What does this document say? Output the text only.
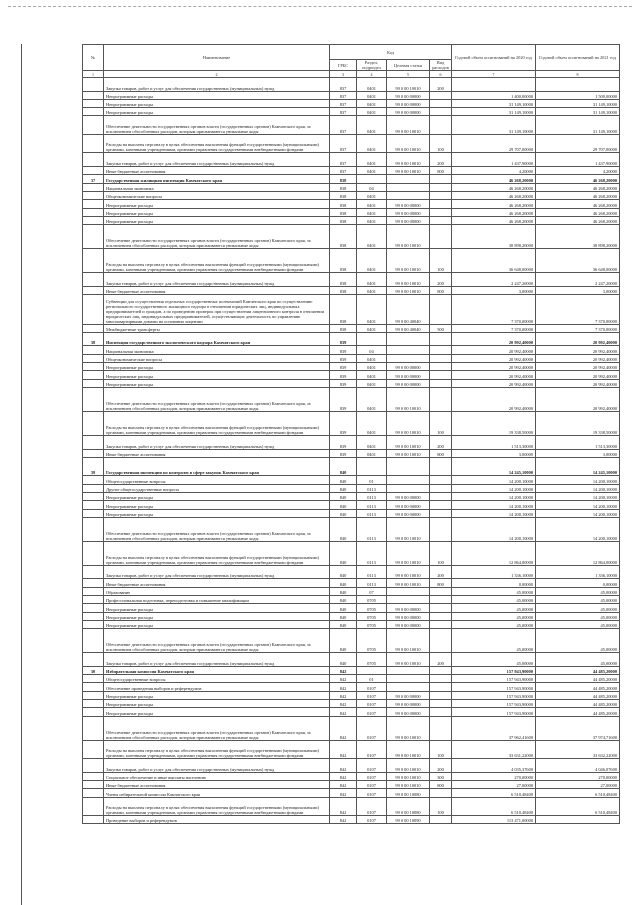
№	Наименование	Код				Годовой объем ассигнований на 2020 год	Годовой объем ассигнований на 2021 год
		ГРБС	Раздел, подраздел	Целевая статья	Вид расходов		
1	2	3	4	5	6	7	8
	Закупка товаров, работ и услуг для обеспечения государственных (муниципальных) нужд	837	0401	99 0 00 10010	200		
	Непрограммные расходы	837	0401	99 0 00 00000		1 400,00000	1 500,00000
	Непрограммные расходы	837	0401	99 0 00 00000		31 149,10000	31 149,10000
	Непрограммные расходы	837	0401	99 0 00 00000		31 149,10000	31 149,10000
	Обеспечение деятельности государственных органов власти (государственных органов) Камчатского края, за исключением обособленных расходов, которым присваиваются уникальные коды	837	0401	99 0 00 10010		31 149,10000	31 149,10000
	Расходы на выплаты персоналу в целях обеспечения выполнения функций государственными (муниципальными) органами, казенными учреждениями, органами управления государственными внебюджетными фондами	837	0401	99 0 00 10010	100	29 707,00000	29 707,00000
	Закупка товаров, работ и услуг для обеспечения государственных (муниципальных) нужд	837	0401	99 0 00 10010	200	1 437,90000	1 437,90000
	Иные бюджетные ассигнования	837	0401	99 0 00 10010	800	4,20000	4,20000
37	Государственная жилищная инспекция Камчатского края	838				46 268,20000	46 268,20000
	Национальная экономика	838	04			46 268,20000	46 268,20000
	Общеэкономические вопросы	838	0401			46 268,20000	46 268,20000
	Непрограммные расходы	838	0401	99 0 00 00000		46 268,20000	46 268,20000
	Непрограммные расходы	838	0401	99 0 00 00000		46 268,20000	46 268,20000
	Непрограммные расходы	838	0401	99 0 00 00000		46 268,20000	46 268,20000
	Обеспечение деятельности государственных органов власти (государственных органов) Камчатского края, за исключением обособленных расходов, которым присваиваются уникальные коды	838	0401	99 0 00 10010		38 898,20000	38 898,20000
	Расходы на выплаты персоналу в целях обеспечения выполнения функций государственными (муниципальными) органами, казенными учреждениями, органами управления государственными внебюджетными фондами	838	0401	99 0 00 10010	100	36 648,00000	36 648,00000
	Закупка товаров, работ и услуг для обеспечения государственных (муниципальных) нужд	838	0401	99 0 00 10010	200	2 247,20000	2 247,20000
	Иные бюджетные ассигнования	838	0401	99 0 00 10010	800	3,00000	3,00000
	Субвенции для осуществления отдельных государственных полномочий Камчатского края по осуществлению регионального государственного жилищного надзора в отношении юридических лиц, индивидуальных предпринимателей и граждан, а по проведению проверок при осуществлении лицензионного контроля в отношении юридических лиц, индивидуальных предпринимателей, осуществляющих деятельность по управлению многоквартирными домами на основании лицензии	838	0401	99 0 00 40040		7 370,00000	7 370,00000
	Межбюджетные трансферты	838	0401	99 0 00 40040	500	7 370,00000	7 370,00000
38	Инспекция государственного экологического надзора Камчатского края	839				20 992,40000	20 992,40000
	Национальная экономика	839	04			20 992,40000	20 992,40000
	Общеэкономические вопросы	839	0401			20 992,40000	20 992,40000
	Непрограммные расходы	839	0401	99 0 00 00000		20 992,40000	20 992,40000
	Непрограммные расходы	839	0401	99 0 00 00000		20 992,40000	20 992,40000
	Непрограммные расходы	839	0401	99 0 00 00000		20 992,40000	20 992,40000
	Обеспечение деятельности государственных органов власти (государственных органов) Камчатского края, за исключением обособленных расходов, которым присваиваются уникальные коды	839	0401	99 0 00 10010		20 992,40000	20 992,40000
	Расходы на выплаты персоналу в целях обеспечения выполнения функций государственными (муниципальными) органами, казенными учреждениями, органами управления государственными внебюджетными фондами	839	0401	99 0 00 10010	100	19 338,50000	19 338,50000
	Закупка товаров, работ и услуг для обеспечения государственных (муниципальных) нужд	839	0401	99 0 00 10010	200	1 513,30000	1 513,30000
	Иные бюджетные ассигнования	839	0401	99 0 00 10010	800	3,00000	3,00000
39	Государственная инспекция по контролю в сфере закупок Камчатского края	840				14 245,10000	14 245,10000
	Общегосударственные вопросы	840	01			14 200,10000	14 200,10000
	Другие общегосударственные вопросы	840	0113			14 200,10000	14 200,10000
	Непрограммные расходы	840	0113	99 0 00 00000		14 200,10000	14 200,10000
	Непрограммные расходы	840	0113	99 0 00 00000		14 200,10000	14 200,10000
	Непрограммные расходы	840	0113	99 0 00 00000		14 200,10000	14 200,10000
	Обеспечение деятельности государственных органов власти (государственных органов) Камчатского края, за исключением обособленных расходов, которым присваиваются уникальные коды	840	0113	99 0 00 10010		14 200,10000	14 200,10000
	Расходы на выплаты персоналу в целях обеспечения выполнения функций государственными (муниципальными) органами, казенными учреждениями, органами управления государственными внебюджетными фондами	840	0113	99 0 00 10010	100	12 864,00000	12 864,00000
	Закупка товаров, работ и услуг для обеспечения государственных (муниципальных) нужд	840	0113	99 0 00 10010	200	1 336,10000	1 336,10000
	Иные бюджетные ассигнования	840	0113	99 0 00 10010	800	0,00000	0,00000
	Образование	840	07			45,00000	45,00000
	Профессиональная подготовка, переподготовка и повышение квалификации	840	0705			45,00000	45,00000
	Непрограммные расходы	840	0705	99 0 00 00000		45,00000	45,00000
	Непрограммные расходы	840	0705	99 0 00 00000		45,00000	45,00000
	Непрограммные расходы	840	0705	99 0 00 00000		45,00000	45,00000
	Обеспечение деятельности государственных органов власти (государственных органов) Камчатского края, за исключением обособленных расходов, которым присваиваются уникальные коды	840	0705	99 0 00 10010		45,00000	45,00000
	Закупка товаров, работ и услуг для обеспечения государственных (муниципальных) нужд	840	0705	99 0 00 10010	200	45,00000	45,00000
30	Избирательная комиссия Камчатского края	842				157 943,90000	44 485,20000
	Общегосударственные вопросы	842	01			157 943,90000	44 485,20000
	Обеспечение проведения выборов и референдумов	842	0107			157 943,90000	44 485,20000
	Непрограммные расходы	842	0107	99 0 00 00000		157 943,90000	44 485,20000
	Непрограммные расходы	842	0107	99 0 00 00000		157 943,90000	44 485,20000
	Непрограммные расходы	842	0107	99 0 00 00000		157 943,90000	44 485,20000
	Обеспечение деятельности государственных органов власти (государственных органов) Камчатского края, за исключением обособленных расходов, которым присваиваются уникальные коды	842	0107	99 0 00 10010		37 962,41600	37 974,71600
	Расходы на выплаты персоналу в целях обеспечения выполнения функций государственными (муниципальными) органами, казенными учреждениями, органами управления государственными внебюджетными фондами	842	0107	99 0 00 10010	100	33 631,22000	33 632,22000
	Закупка товаров, работ и услуг для обеспечения государственных (муниципальных) нужд	842	0107	99 0 00 10010	200	4 035,37600	4 046,07600
	Социальное обеспечение и иные выплаты населению	842	0107	99 0 00 10010	300	270,00000	270,00000
	Иные бюджетные ассигнования	842	0107	99 0 00 10010	800	27,00000	27,00000
	Члены избирательной комиссии Камчатского края	842	0107	99 0 00 10080		6 510,48400	6 510,48400
	Расходы на выплаты персоналу в целях обеспечения выполнения функций государственными (муниципальными) органами, казенными учреждениями, органами управления государственными внебюджетными фондами	842	0107	99 0 00 10080	100	6 510,48400	6 510,48400
	Проведение выборов и референдумов	842	0107	99 0 00 10090		113 471,00000	
